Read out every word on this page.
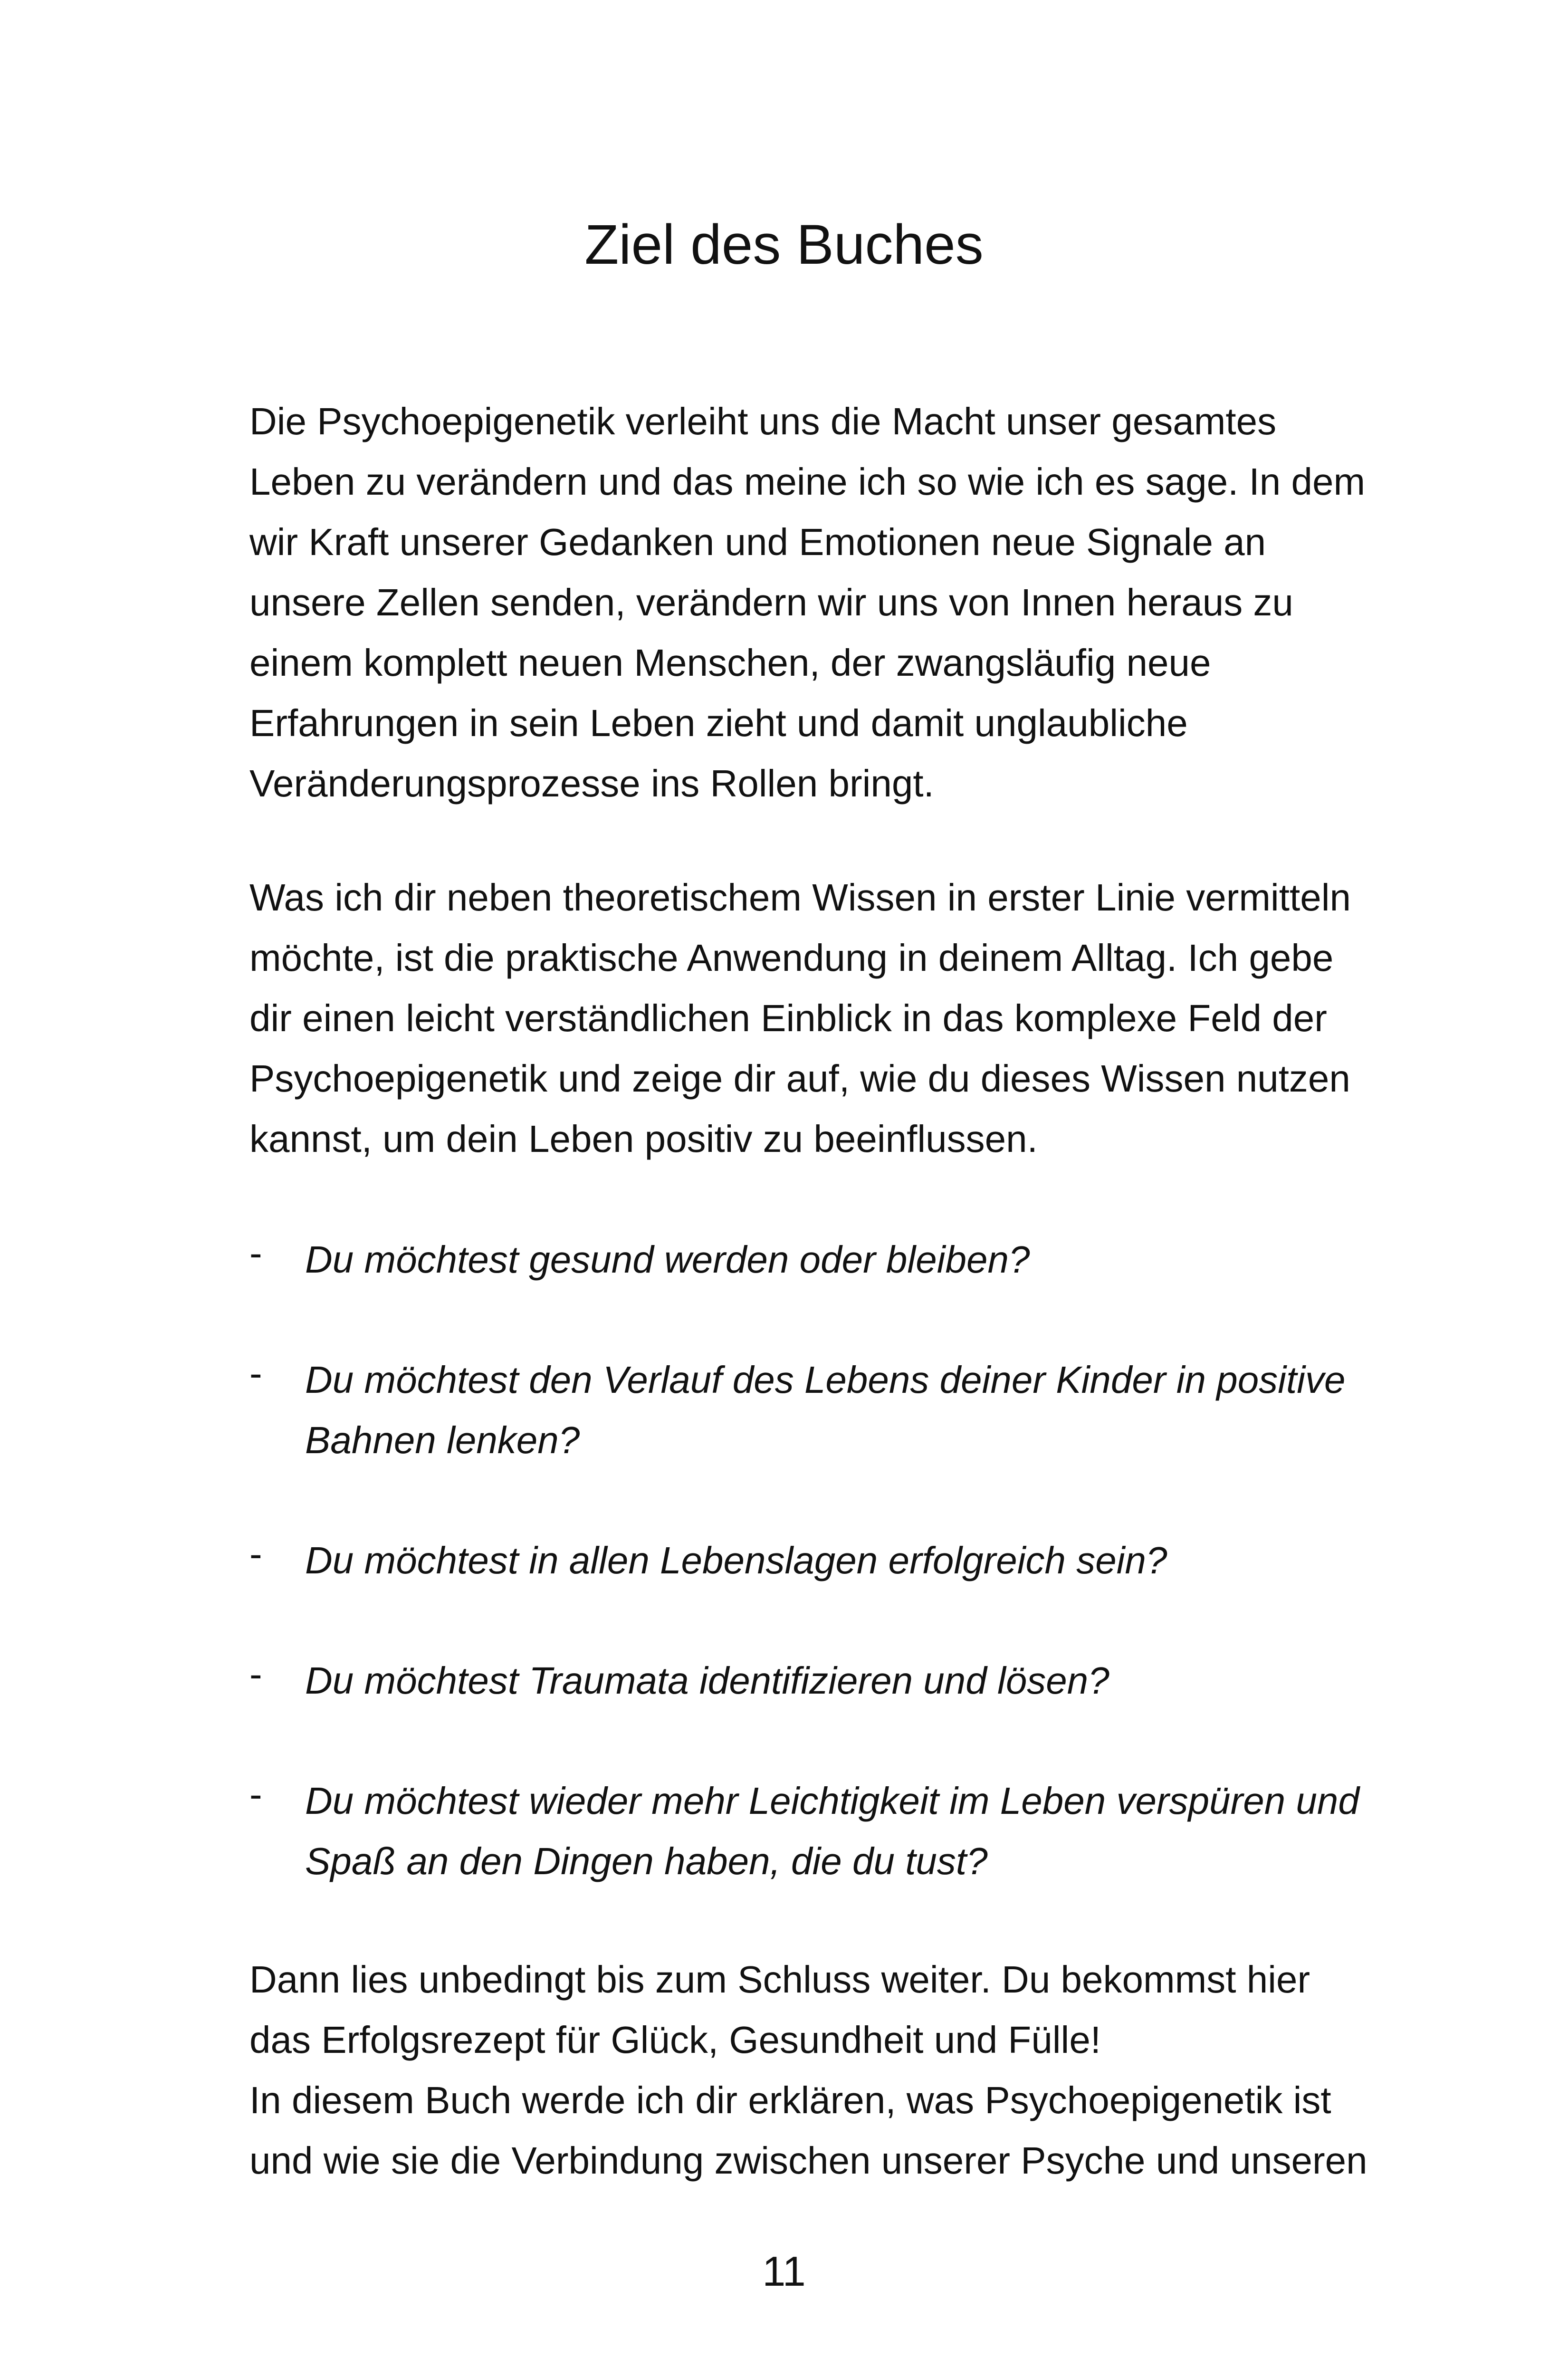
Ziel des Buches
Die Psychoepigenetik verleiht uns die Macht unser gesamtes
Leben zu verändern und das meine ich so wie ich es sage. In dem
wir Kraft unserer Gedanken und Emotionen neue Signale an
unsere Zellen senden, verändern wir uns von Innen heraus zu
einem komplett neuen Menschen, der zwangsläufig neue
Erfahrungen in sein Leben zieht und damit unglaubliche
Veränderungsprozesse ins Rollen bringt.
Was ich dir neben theoretischem Wissen in erster Linie vermitteln
möchte, ist die praktische Anwendung in deinem Alltag. Ich gebe
dir einen leicht verständlichen Einblick in das komplexe Feld der
Psychoepigenetik und zeige dir auf, wie du dieses Wissen nutzen
kannst, um dein Leben positiv zu beeinflussen.
- Du möchtest gesund werden oder bleiben?
- Du möchtest den Verlauf des Lebens deiner Kinder in positive
Bahnen lenken?
- Du möchtest in allen Lebenslagen erfolgreich sein?
- Du möchtest Traumata identifizieren und lösen?
- Du möchtest wieder mehr Leichtigkeit im Leben verspüren und
Spaß an den Dingen haben, die du tust?
Dann lies unbedingt bis zum Schluss weiter. Du bekommst hier
das Erfolgsrezept für Glück, Gesundheit und Fülle!
In diesem Buch werde ich dir erklären, was Psychoepigenetik ist
und wie sie die Verbindung zwischen unserer Psyche und unseren
11
